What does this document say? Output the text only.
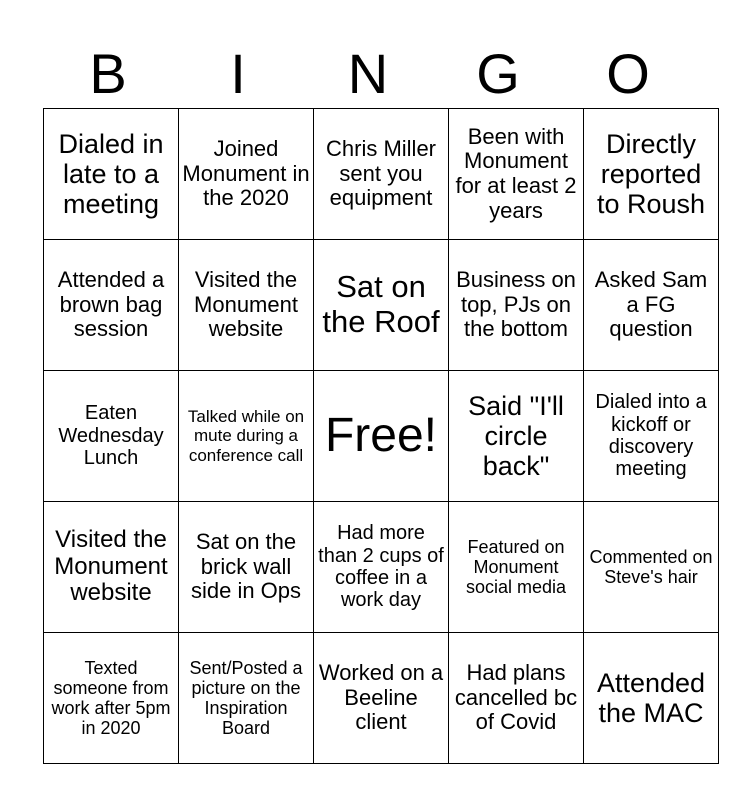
B	I	N	G	O
Dialed in late to a meeting	Joined Monument in the 2020	Chris Miller sent you equipment	Been with Monument for at least 2 years	Directly reported to Roush
Attended a brown bag session	Visited the Monument website	Sat on the Roof	Business on top, PJs on the bottom	Asked Sam a FG question
Eaten Wednesday Lunch	Talked while on mute during a conference call	Free!	Said "I'll circle back"	Dialed into a kickoff or discovery meeting
Visited the Monument website	Sat on the brick wall side in Ops	Had more than 2 cups of coffee in a work day	Featured on Monument social media	Commented on Steve's hair
Texted someone from work after 5pm in 2020	Sent/Posted a picture on the Inspiration Board	Worked on a Beeline client	Had plans cancelled bc of Covid	Attended the MAC
